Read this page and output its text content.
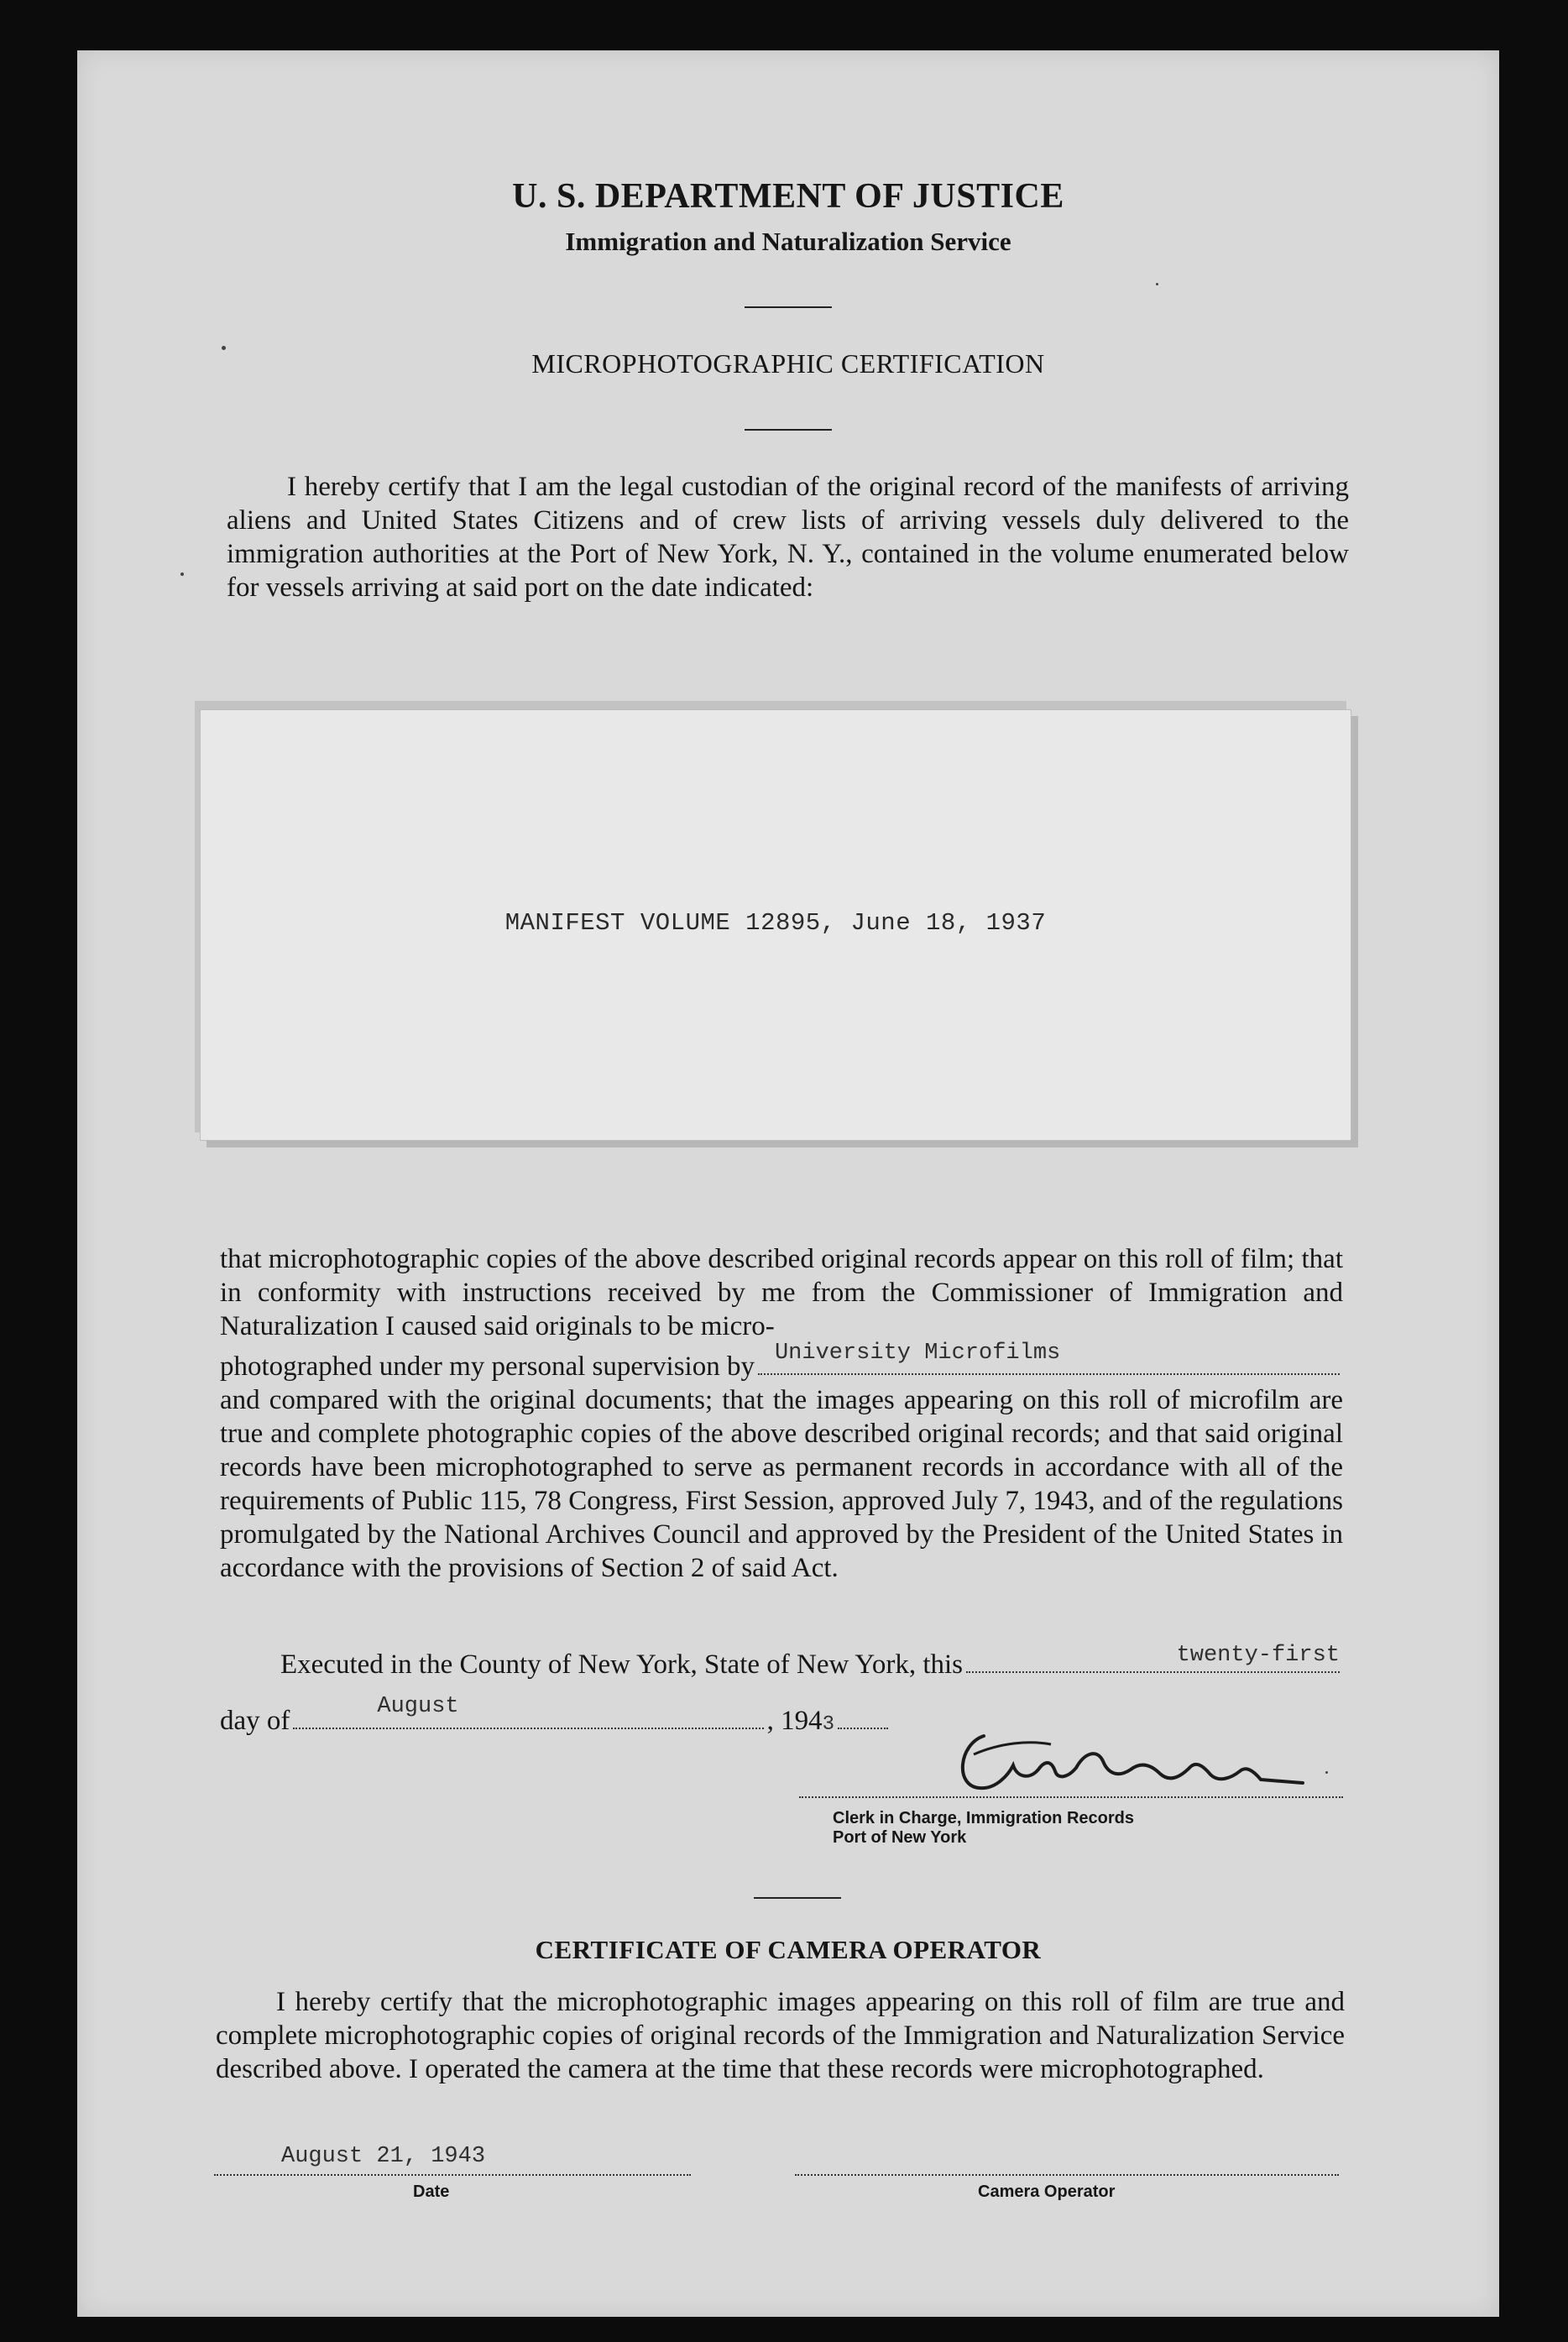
U. S. DEPARTMENT OF JUSTICE
Immigration and Naturalization Service
MICROPHOTOGRAPHIC CERTIFICATION
I hereby certify that I am the legal custodian of the original record of the manifests of arriving aliens and United States Citizens and of crew lists of arriving vessels duly delivered to the immigration authorities at the Port of New York, N. Y., contained in the volume enumerated below for vessels arriving at said port on the date indicated:
MANIFEST VOLUME 12895, June 18, 1937
that microphotographic copies of the above described original records appear on this roll of film; that in conformity with instructions received by me from the Commissioner of Immigration and Naturalization I caused said originals to be micro-
photographed under my personal supervision by University Microfilms
and compared with the original documents; that the images appearing on this roll of microfilm are true and complete photographic copies of the above described original records; and that said original records have been microphotographed to serve as permanent records in accordance with all of the requirements of Public 115, 78 Congress, First Session, approved July 7, 1943, and of the regulations promulgated by the National Archives Council and approved by the President of the United States in accordance with the provisions of Section 2 of said Act.
Executed in the County of New York, State of New York, this	twenty-first
day of	August	, 194 3
Clerk in Charge, Immigration Records
Port of New York
CERTIFICATE OF CAMERA OPERATOR
I hereby certify that the microphotographic images appearing on this roll of film are true and complete microphotographic copies of original records of the Immigration and Naturalization Service described above. I operated the camera at the time that these records were microphotographed.
August 21, 1943
Date	Camera Operator
